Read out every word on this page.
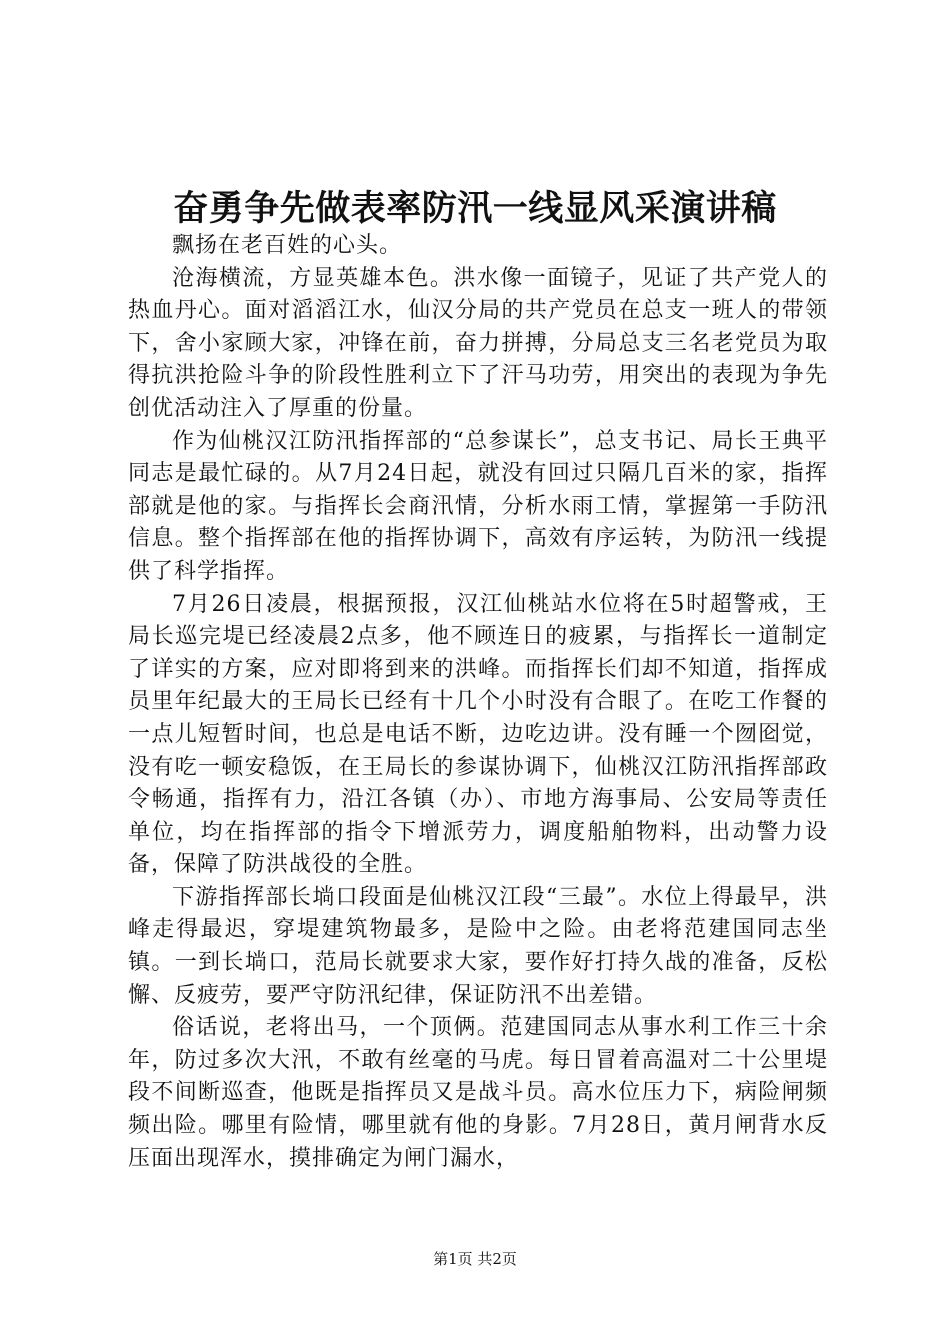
奋勇争先做表率防汛一线显风采演讲稿

飘扬在老百姓的心头。

沧海横流，方显英雄本色。洪水像一面镜子，见证了共产党人的热血丹心。面对滔滔江水，仙汉分局的共产党员在总支一班人的带领下，舍小家顾大家，冲锋在前，奋力拼搏，分局总支三名老党员为取得抗洪抢险斗争的阶段性胜利立下了汗马功劳，用突出的表现为争先创优活动注入了厚重的份量。

作为仙桃汉江防汛指挥部的“总参谋长”，总支书记、局长王典平同志是最忙碌的。从7月24日起，就没有回过只隔几百米的家，指挥部就是他的家。与指挥长会商汛情，分析水雨工情，掌握第一手防汛信息。整个指挥部在他的指挥协调下，高效有序运转，为防汛一线提供了科学指挥。

7月26日凌晨，根据预报，汉江仙桃站水位将在5时超警戒，王局长巡完堤已经凌晨2点多，他不顾连日的疲累，与指挥长一道制定了详实的方案，应对即将到来的洪峰。而指挥长们却不知道，指挥成员里年纪最大的王局长已经有十几个小时没有合眼了。在吃工作餐的一点儿短暂时间，也总是电话不断，边吃边讲。没有睡一个囫囵觉，没有吃一顿安稳饭，在王局长的参谋协调下，仙桃汉江防汛指挥部政令畅通，指挥有力，沿江各镇（办）、市地方海事局、公安局等责任单位，均在指挥部的指令下增派劳力，调度船舶物料，出动警力设备，保障了防洪战役的全胜。

下游指挥部长埫口段面是仙桃汉江段“三最”。水位上得最早，洪峰走得最迟，穿堤建筑物最多，是险中之险。由老将范建国同志坐镇。一到长埫口，范局长就要求大家，要作好打持久战的准备，反松懈、反疲劳，要严守防汛纪律，保证防汛不出差错。

俗话说，老将出马，一个顶俩。范建国同志从事水利工作三十余年，防过多次大汛，不敢有丝毫的马虎。每日冒着高温对二十公里堤段不间断巡查，他既是指挥员又是战斗员。高水位压力下，病险闸频频出险。哪里有险情，哪里就有他的身影。7月28日，黄月闸背水反压面出现浑水，摸排确定为闸门漏水，

第1页 共2页
